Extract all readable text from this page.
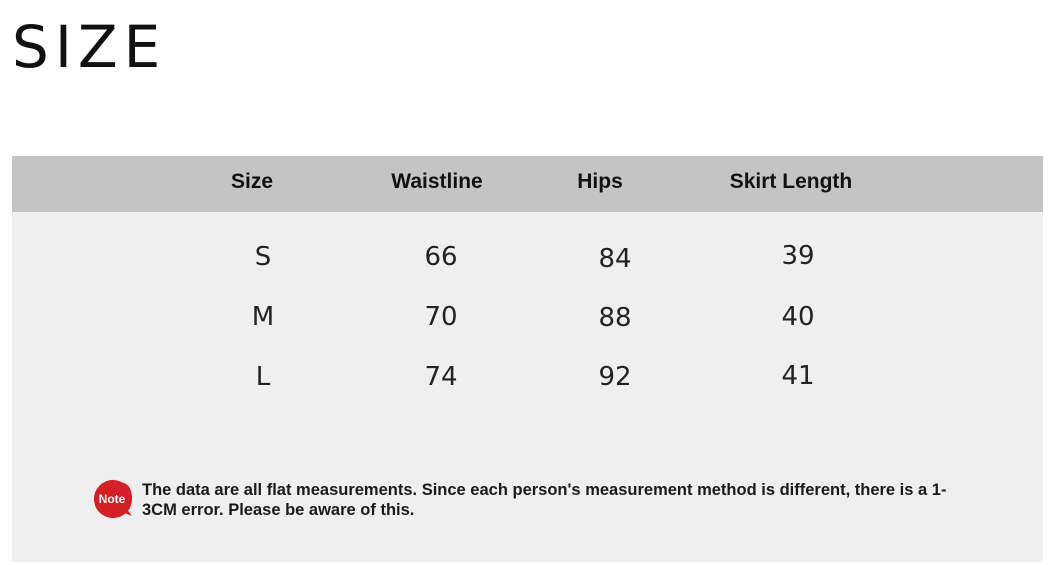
SIZE
Size	Waistline	Hips	Skirt Length
S	66	84	39
M	70	88	40
L	74	92	41
Note The data are all flat measurements. Since each person's measurement method is different, there is a 1-3CM error. Please be aware of this.
